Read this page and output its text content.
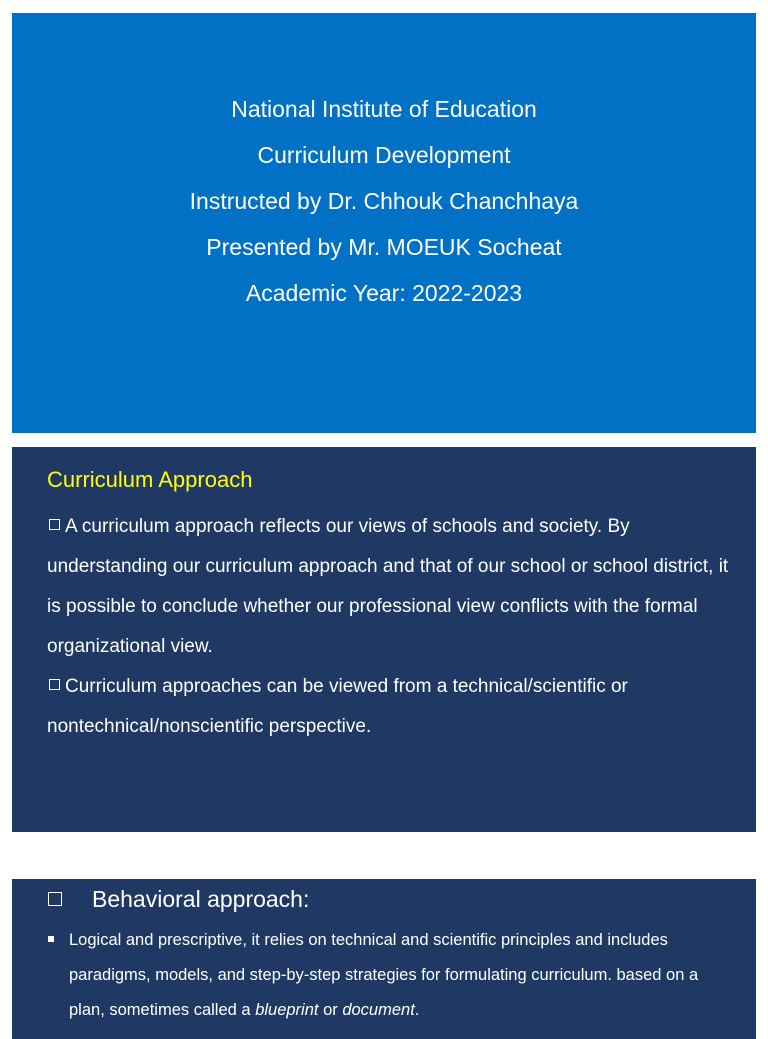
National Institute of Education
Curriculum Development
Instructed by Dr. Chhouk Chanchhaya
Presented by Mr. MOEUK Socheat
Academic Year: 2022-2023
Curriculum Approach
A curriculum approach reflects our views of schools and society. By understanding our curriculum approach and that of our school or school district, it is possible to conclude whether our professional view conflicts with the formal organizational view.
Curriculum approaches can be viewed from a technical/scientific or nontechnical/nonscientific perspective.
Behavioral approach:
Logical and prescriptive, it relies on technical and scientific principles and includes paradigms, models, and step-by-step strategies for formulating curriculum. based on a plan, sometimes called a blueprint or document.
